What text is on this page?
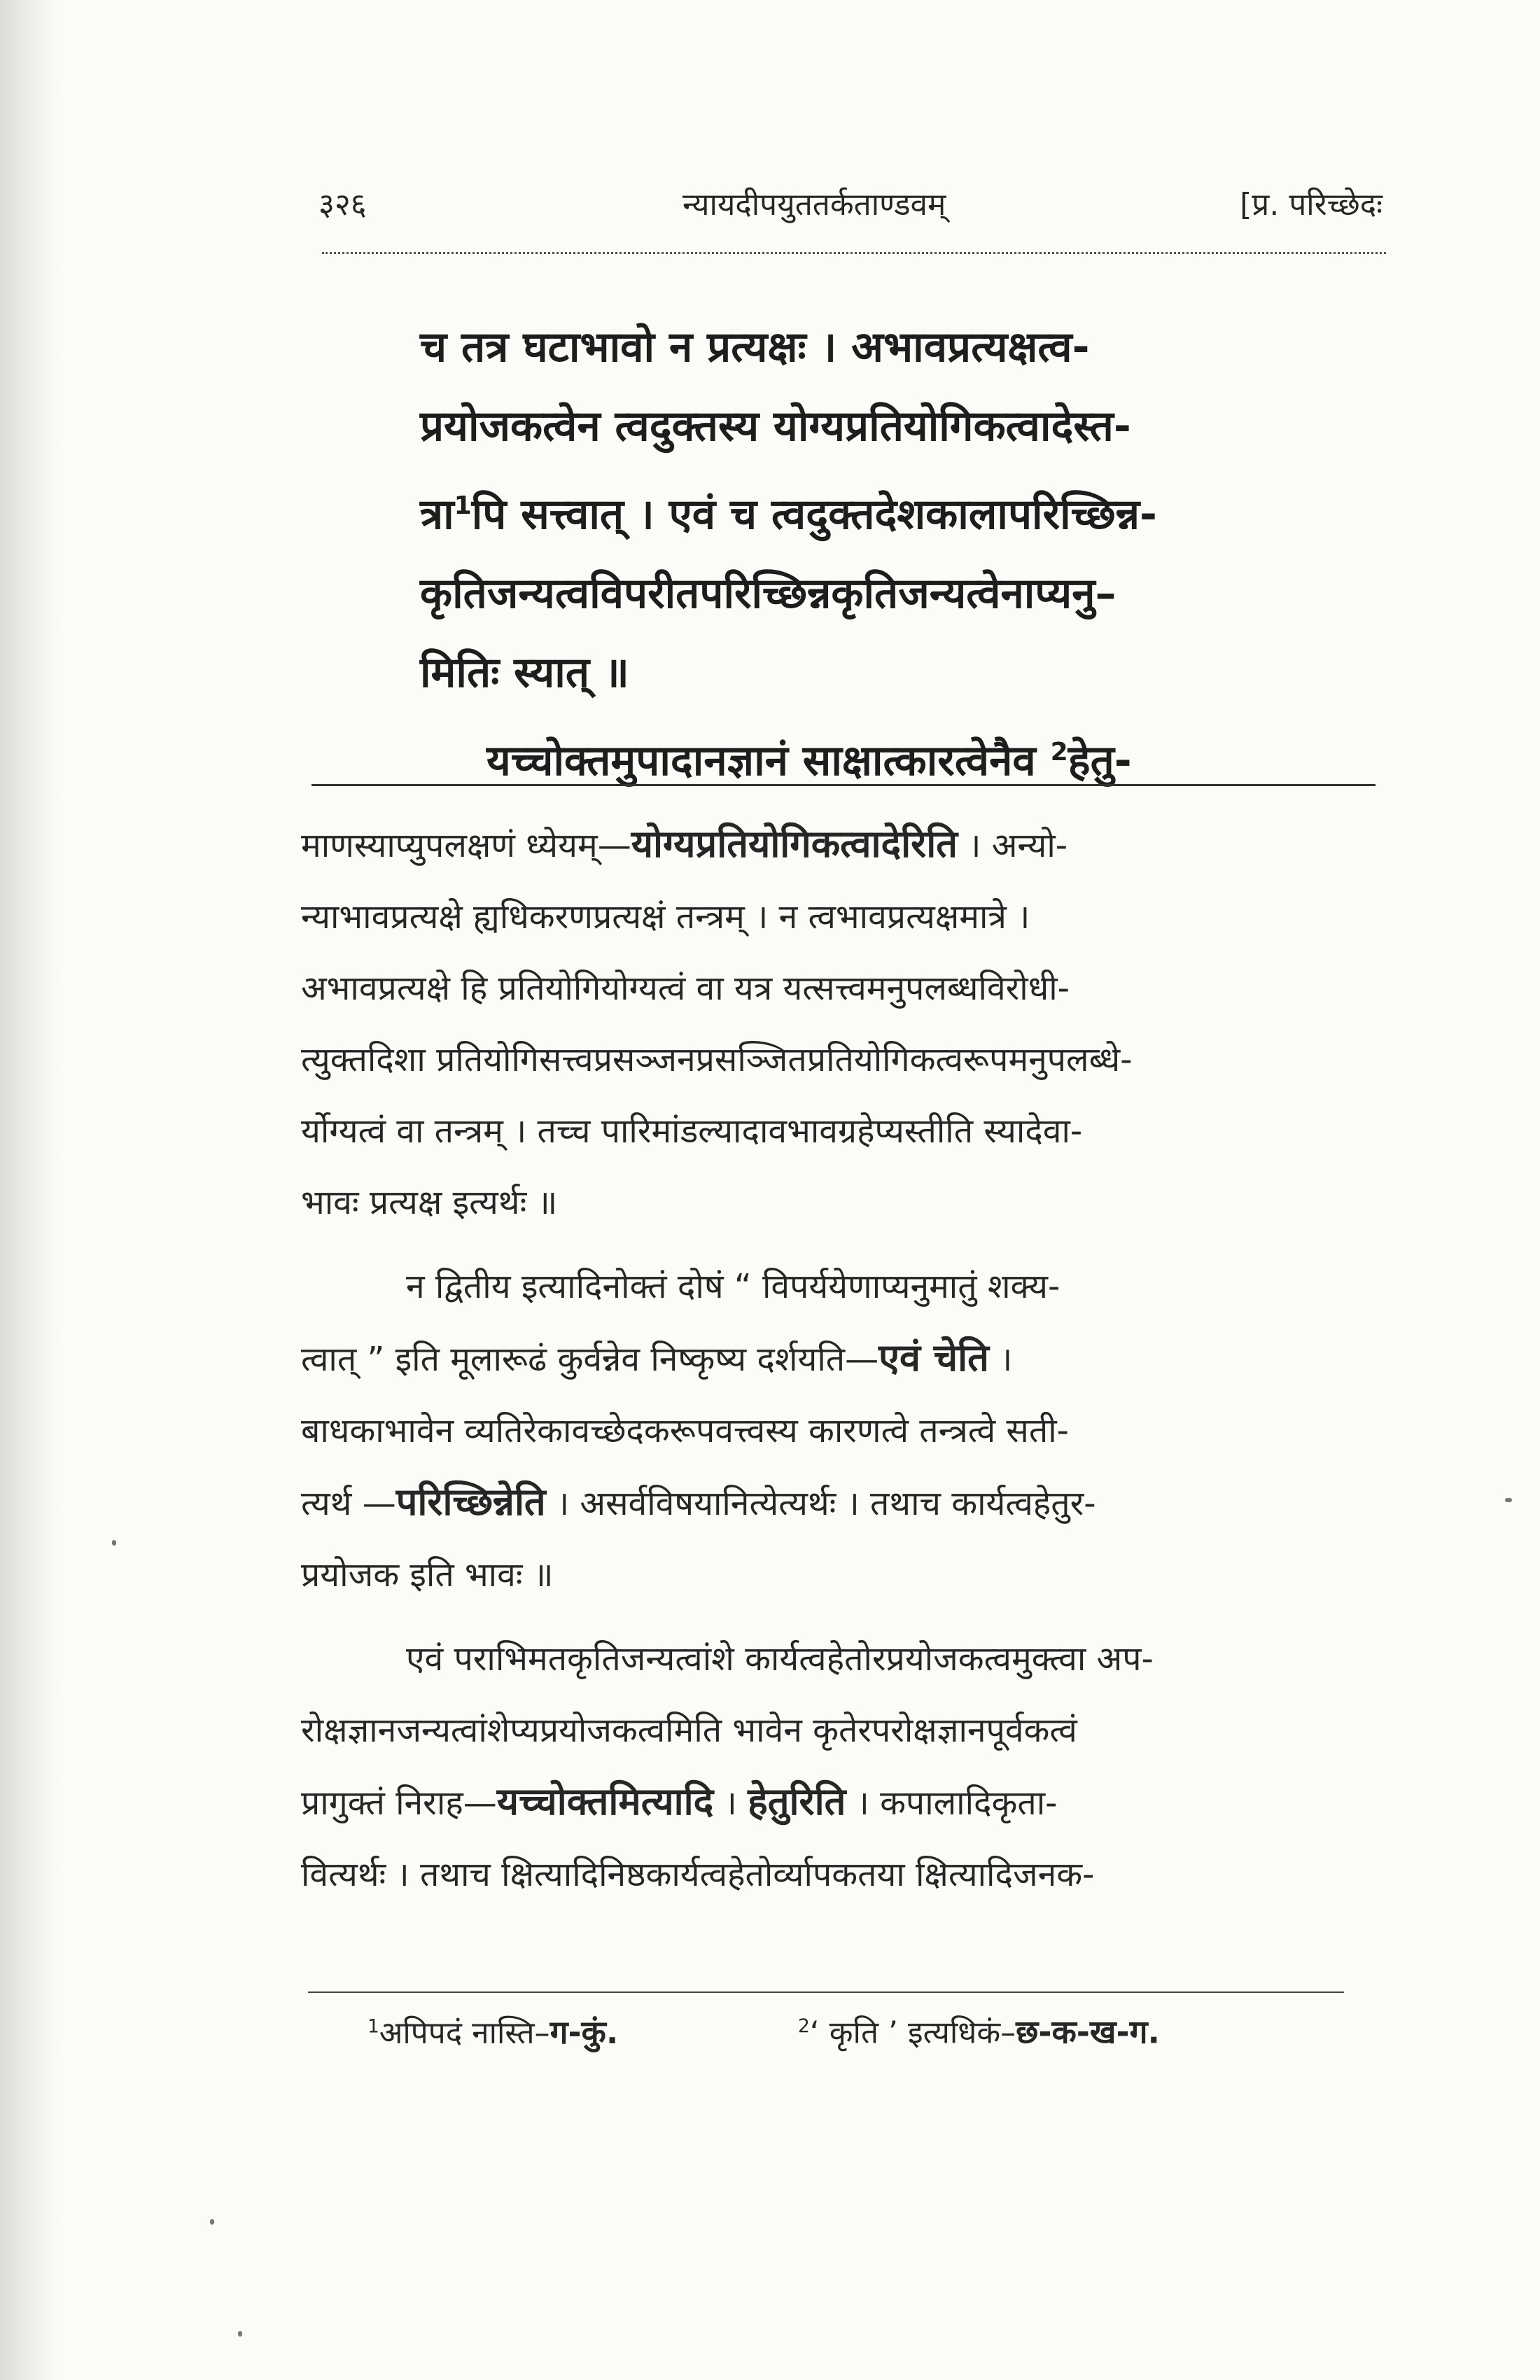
३२६	न्यायदीपयुततर्कताण्डवम्	[प्र. परिच्छेदः
च तत्र घटाभावो न प्रत्यक्षः । अभावप्रत्यक्षत्व-
प्रयोजकत्वेन त्वदुक्तस्य योग्यप्रतियोगिकत्वादेस्त-
त्रा$^1$पि सत्त्वात् । एवं च त्वदुक्तदेशकालापरिच्छिन्न-
कृतिजन्यत्वविपरीतपरिच्छिन्नकृतिजन्यत्वेनाप्यनु–
मितिः स्यात् ॥
यच्चोक्तमुपादानज्ञानं साक्षात्कारत्वेनैव $^2$हेतु-
माणस्याप्युपलक्षणं ध्येयम्—योग्यप्रतियोगिकत्वादेरिति । अन्यो-
न्याभावप्रत्यक्षे ह्यधिकरणप्रत्यक्षं तन्त्रम् । न त्वभावप्रत्यक्षमात्रे ।
अभावप्रत्यक्षे हि प्रतियोगियोग्यत्वं वा यत्र यत्सत्त्वमनुपलब्धविरोधी-
त्युक्तदिशा प्रतियोगिसत्त्वप्रसञ्जनप्रसञ्जितप्रतियोगिकत्वरूपमनुपलब्धे-
र्योग्यत्वं वा तन्त्रम् । तच्च पारिमांडल्यादावभावग्रहेप्यस्तीति स्यादेवा-
भावः प्रत्यक्ष इत्यर्थः ॥
न द्वितीय इत्यादिनोक्तं दोषं “ विपर्ययेणाप्यनुमातुं शक्य-
त्वात् ” इति मूलारूढं कुर्वन्नेव निष्कृष्य दर्शयति—एवं चेति ।
बाधकाभावेन व्यतिरेकावच्छेदकरूपवत्त्वस्य कारणत्वे तन्त्रत्वे सती-
त्यर्थ —परिच्छिन्नेति । असर्वविषयानित्येत्यर्थः । तथाच कार्यत्वहेतुर-
प्रयोजक इति भावः ॥
एवं पराभिमतकृतिजन्यत्वांशे कार्यत्वहेतोरप्रयोजकत्वमुक्त्वा अप-
रोक्षज्ञानजन्यत्वांशेप्यप्रयोजकत्वमिति भावेन कृतेरपरोक्षज्ञानपूर्वकत्वं
प्रागुक्तं निराह—यच्चोक्तमित्यादि । हेतुरिति । कपालादिकृता-
वित्यर्थः । तथाच क्षित्यादिनिष्ठकार्यत्वहेतोर्व्यापकतया क्षित्यादिजनक-
$^1$अपिपदं नास्ति–ग-कुं.	$^2$‘ कृति ’ इत्यधिकं–छ-क-ख-ग.
